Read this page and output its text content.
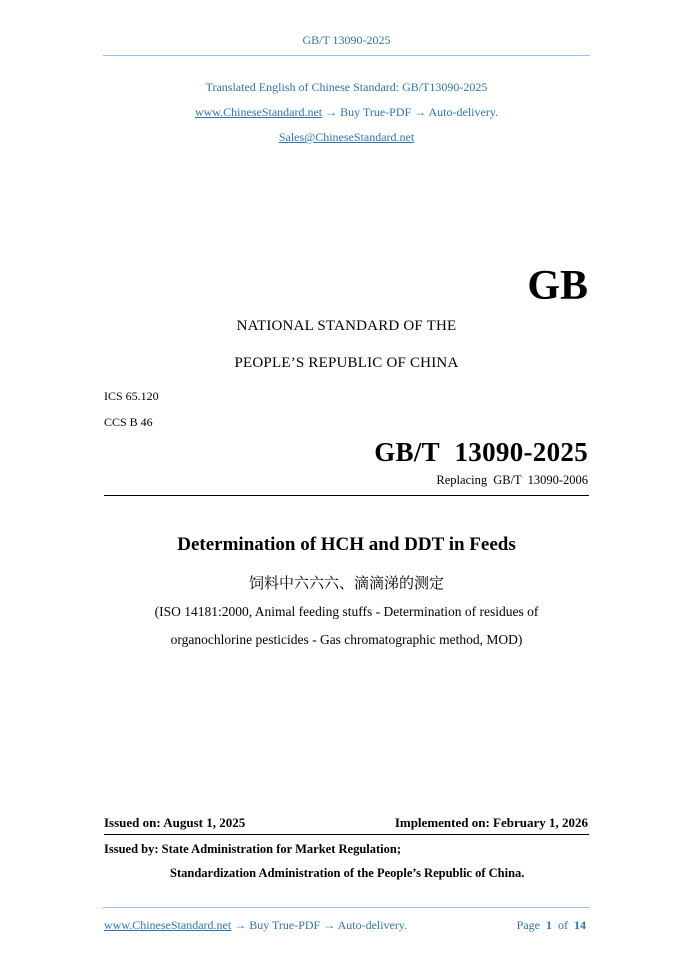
GB/T 13090-2025
Translated English of Chinese Standard: GB/T13090-2025
www.ChineseStandard.net → Buy True-PDF → Auto-delivery.
Sales@ChineseStandard.net
GB
NATIONAL STANDARD OF THE
PEOPLE’S REPUBLIC OF CHINA
ICS 65.120
CCS B 46
GB/T 13090-2025
Replacing GB/T 13090-2006
Determination of HCH and DDT in Feeds
饲料中六六六、滴滴涕的测定
(ISO 14181:2000, Animal feeding stuffs - Determination of residues of
organochlorine pesticides - Gas chromatographic method, MOD)
Issued on: August 1, 2025	Implemented on: February 1, 2026
Issued by: State Administration for Market Regulation;
Standardization Administration of the People’s Republic of China.
www.ChineseStandard.net → Buy True-PDF → Auto-delivery.	Page 1 of 14
